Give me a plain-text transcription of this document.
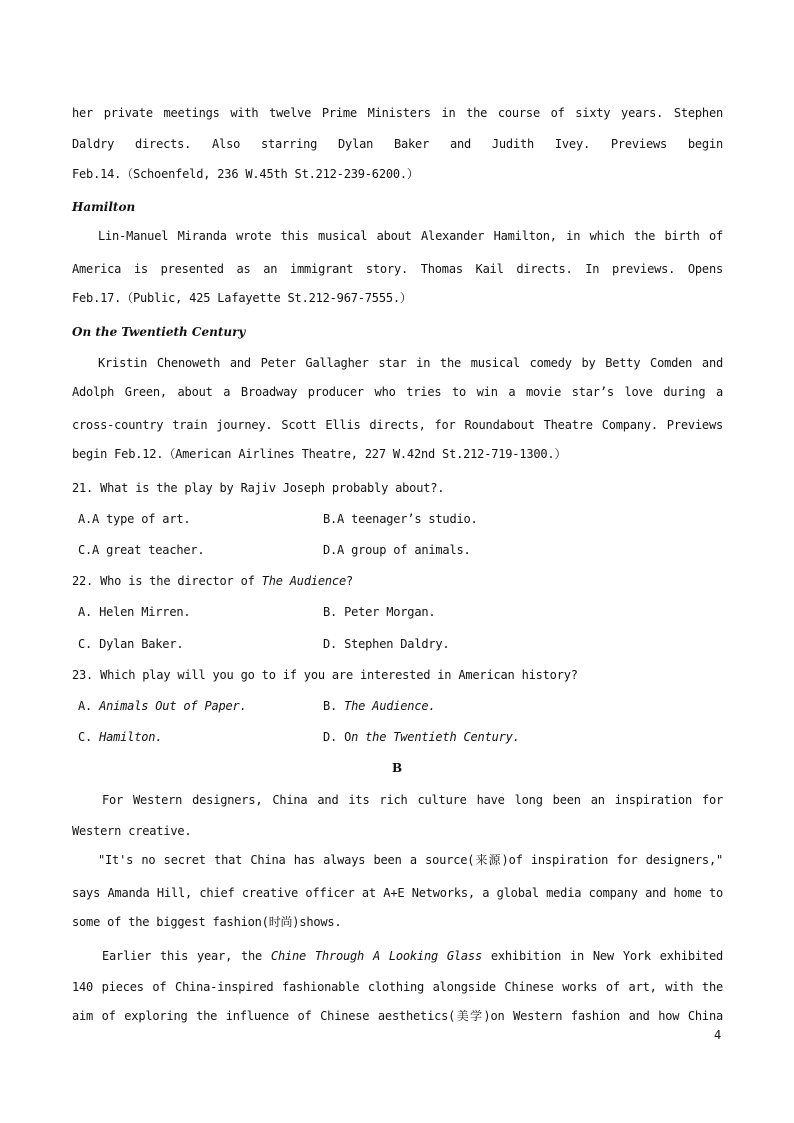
her private meetings with twelve Prime Ministers in the course of sixty years. Stephen
Daldry directs. Also starring Dylan Baker and Judith Ivey. Previews begin
Feb.14.（Schoenfeld, 236 W.45th St.212-239-6200.）
Hamilton
Lin-Manuel Miranda wrote this musical about Alexander Hamilton, in which the birth of
America is presented as an immigrant story. Thomas Kail directs. In previews. Opens
Feb.17.（Public, 425 Lafayette St.212-967-7555.）
On the Twentieth Century
Kristin Chenoweth and Peter Gallagher star in the musical comedy by Betty Comden and
Adolph Green, about a Broadway producer who tries to win a movie star’s love during a
cross-country train journey. Scott Ellis directs, for Roundabout Theatre Company. Previews
begin Feb.12.（American Airlines Theatre, 227 W.42nd St.212-719-1300.）
21. What is the play by Rajiv Joseph probably about?.
A.A type of art.	B.A teenager’s studio.
C.A great teacher.	D.A group of animals.
22. Who is the director of The Audience?
A. Helen Mirren.	B. Peter Morgan.
C. Dylan Baker.	D. Stephen Daldry.
23. Which play will you go to if you are interested in American history?
A. Animals Out of Paper.	B. The Audience.
C. Hamilton.	D. On the Twentieth Century.
B
For Western designers, China and its rich culture have long been an inspiration for
Western creative.
"It's no secret that China has always been a source(来源)of inspiration for designers,"
says Amanda Hill, chief creative officer at A+E Networks, a global media company and home to
some of the biggest fashion(时尚)shows.
Earlier this year, the Chine Through A Looking Glass exhibition in New York exhibited
140 pieces of China-inspired fashionable clothing alongside Chinese works of art, with the
aim of exploring the influence of Chinese aesthetics(美学)on Western fashion and how China
4
